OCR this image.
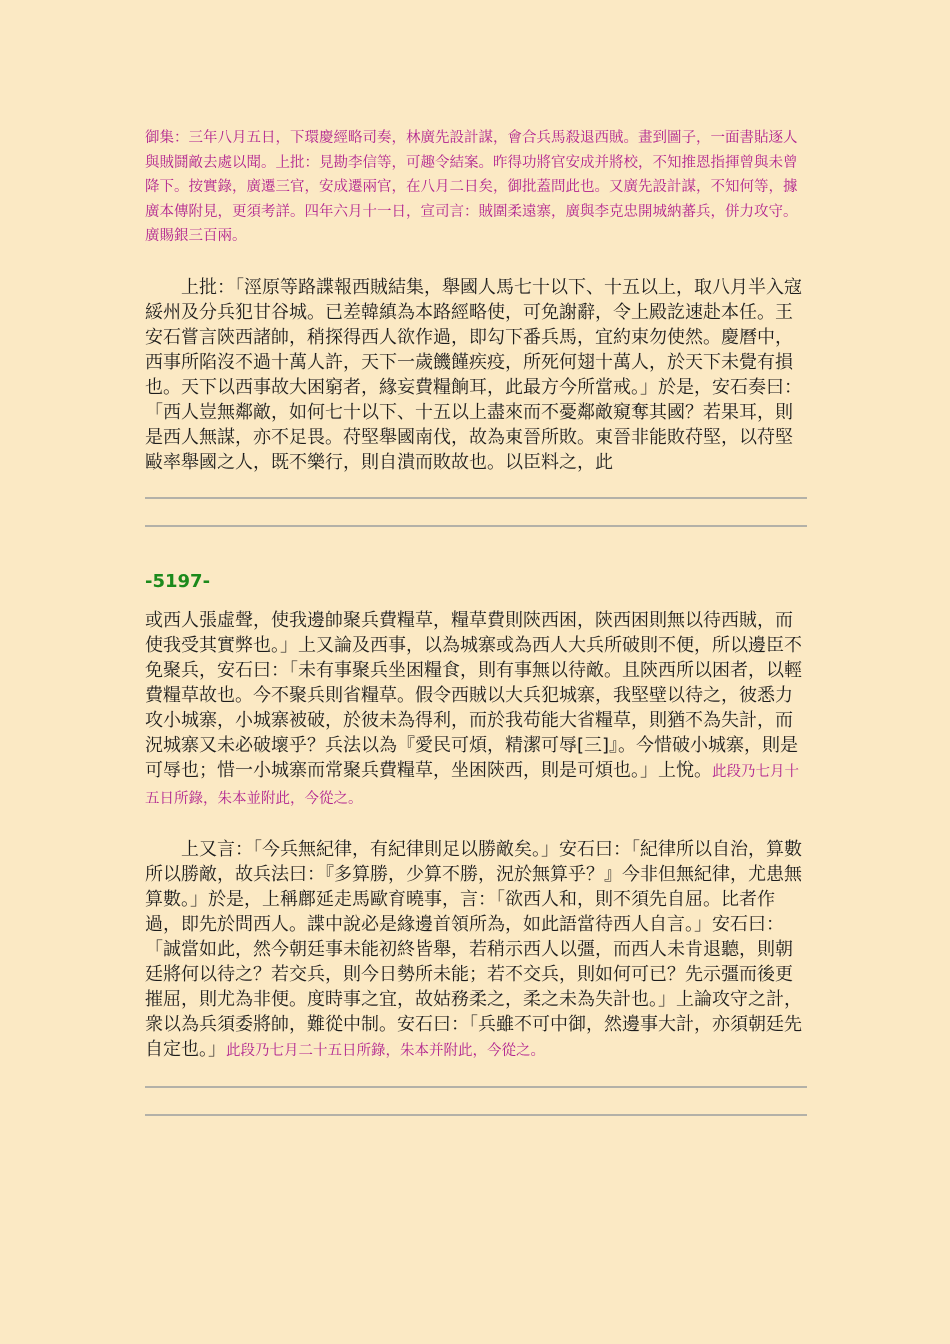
御集：三年八月五日，下環慶經略司奏，林廣先設計謀，會合兵馬殺退西賊。畫到圖子，一面書貼逐人與賊鬪敵去處以聞。上批：見勘李信等，可趣令結案。昨得功將官安成并將校，不知推恩指揮曾與未曾降下。按實錄，廣遷三官，安成遷兩官，在八月二日矣，御批蓋問此也。又廣先設計謀，不知何等，據廣本傳附見，更須考詳。四年六月十一日，宣司言：賊圍柔遠寨，廣與李克忠開城納蕃兵，併力攻守。廣賜銀三百兩。

上批：「涇原等路諜報西賊結集，舉國人馬七十以下、十五以上，取八月半入寇綏州及分兵犯甘谷城。已差韓縝為本路經略使，可免謝辭，令上殿訖速赴本任。王安石嘗言陝西諸帥，稍探得西人欲作過，即勾下番兵馬，宜約束勿使然。慶曆中，西事所陷沒不過十萬人許，天下一歲饑饉疾疫，所死何翅十萬人，於天下未覺有損也。天下以西事故大困窮者，緣妄費糧餉耳，此最方今所當戒。」於是，安石奏曰：「西人豈無鄰敵，如何七十以下、十五以上盡來而不憂鄰敵窺奪其國？若果耳，則是西人無謀，亦不足畏。苻堅舉國南伐，故為東晉所敗。東晉非能敗苻堅，以苻堅敺率舉國之人，既不樂行，則自潰而敗故也。以臣料之，此

-5197-

或西人張虛聲，使我邊帥聚兵費糧草，糧草費則陝西困，陝西困則無以待西賊，而使我受其實弊也。」上又論及西事，以為城寨或為西人大兵所破則不便，所以邊臣不免聚兵，安石曰：「未有事聚兵坐困糧食，則有事無以待敵。且陝西所以困者，以輕費糧草故也。今不聚兵則省糧草。假令西賊以大兵犯城寨，我堅壁以待之，彼悉力攻小城寨，小城寨被破，於彼未為得利，而於我苟能大省糧草，則猶不為失計，而況城寨又未必破壞乎？兵法以為『愛民可煩，精潔可辱[三]』。今惜破小城寨，則是可辱也；惜一小城寨而常聚兵費糧草，坐困陝西，則是可煩也。」上悅。此段乃七月十五日所錄，朱本並附此，今從之。

上又言：「今兵無紀律，有紀律則足以勝敵矣。」安石曰：「紀律所以自治，算數所以勝敵，故兵法曰：『多算勝，少算不勝，況於無算乎？』今非但無紀律，尤患無算數。」於是，上稱鄜延走馬歐育曉事，言：「欲西人和，則不須先自屈。比者作過，即先於問西人。諜中說必是緣邊首領所為，如此語當待西人自言。」安石曰：「誠當如此，然今朝廷事未能初終皆舉，若稍示西人以彊，而西人未肯退聽，則朝廷將何以待之？若交兵，則今日勢所未能；若不交兵，則如何可已？先示彊而後更摧屈，則尤為非便。度時事之宜，故姑務柔之，柔之未為失計也。」上論攻守之計，衆以為兵須委將帥，難從中制。安石曰：「兵雖不可中御，然邊事大計，亦須朝廷先自定也。」此段乃七月二十五日所錄，朱本并附此，今從之。
